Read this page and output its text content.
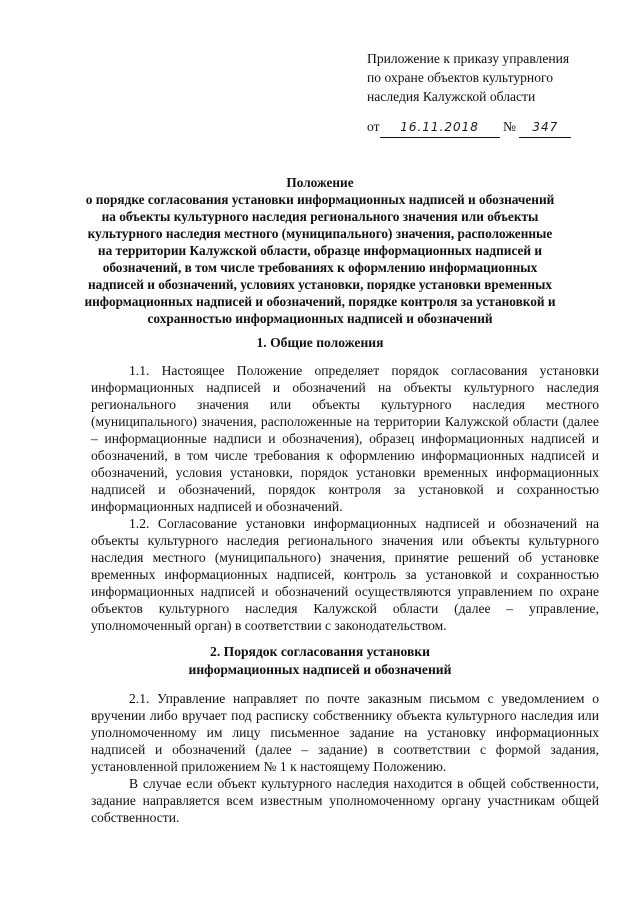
Приложение к приказу управления
по охране объектов культурного
наследия Калужской области
от 16.11.2018 № 347
Положение
о порядке согласования установки информационных надписей и обозначений
на объекты культурного наследия регионального значения или объекты
культурного наследия местного (муниципального) значения, расположенные
на территории Калужской области, образце информационных надписей и
обозначений, в том числе требованиях к оформлению информационных
надписей и обозначений, условиях установки, порядке установки временных
информационных надписей и обозначений, порядке контроля за установкой и
сохранностью информационных надписей и обозначений
1. Общие положения

1.1. Настоящее Положение определяет порядок согласования установки информационных надписей и обозначений на объекты культурного наследия регионального значения или объекты культурного наследия местного (муниципального) значения, расположенные на территории Калужской области (далее – информационные надписи и обозначения), образец информационных надписей и обозначений, в том числе требования к оформлению информационных надписей и обозначений, условия установки, порядок установки временных информационных надписей и обозначений, порядок контроля за установкой и сохранностью информационных надписей и обозначений.

1.2. Согласование установки информационных надписей и обозначений на объекты культурного наследия регионального значения или объекты культурного наследия местного (муниципального) значения, принятие решений об установке временных информационных надписей, контроль за установкой и сохранностью информационных надписей и обозначений осуществляются управлением по охране объектов культурного наследия Калужской области (далее – управление, уполномоченный орган) в соответствии с законодательством.

2. Порядок согласования установки
информационных надписей и обозначений

2.1. Управление направляет по почте заказным письмом с уведомлением о вручении либо вручает под расписку собственнику объекта культурного наследия или уполномоченному им лицу письменное задание на установку информационных надписей и обозначений (далее – задание) в соответствии с формой задания, установленной приложением № 1 к настоящему Положению.

В случае если объект культурного наследия находится в общей собственности, задание направляется всем известным уполномоченному органу участникам общей собственности.
